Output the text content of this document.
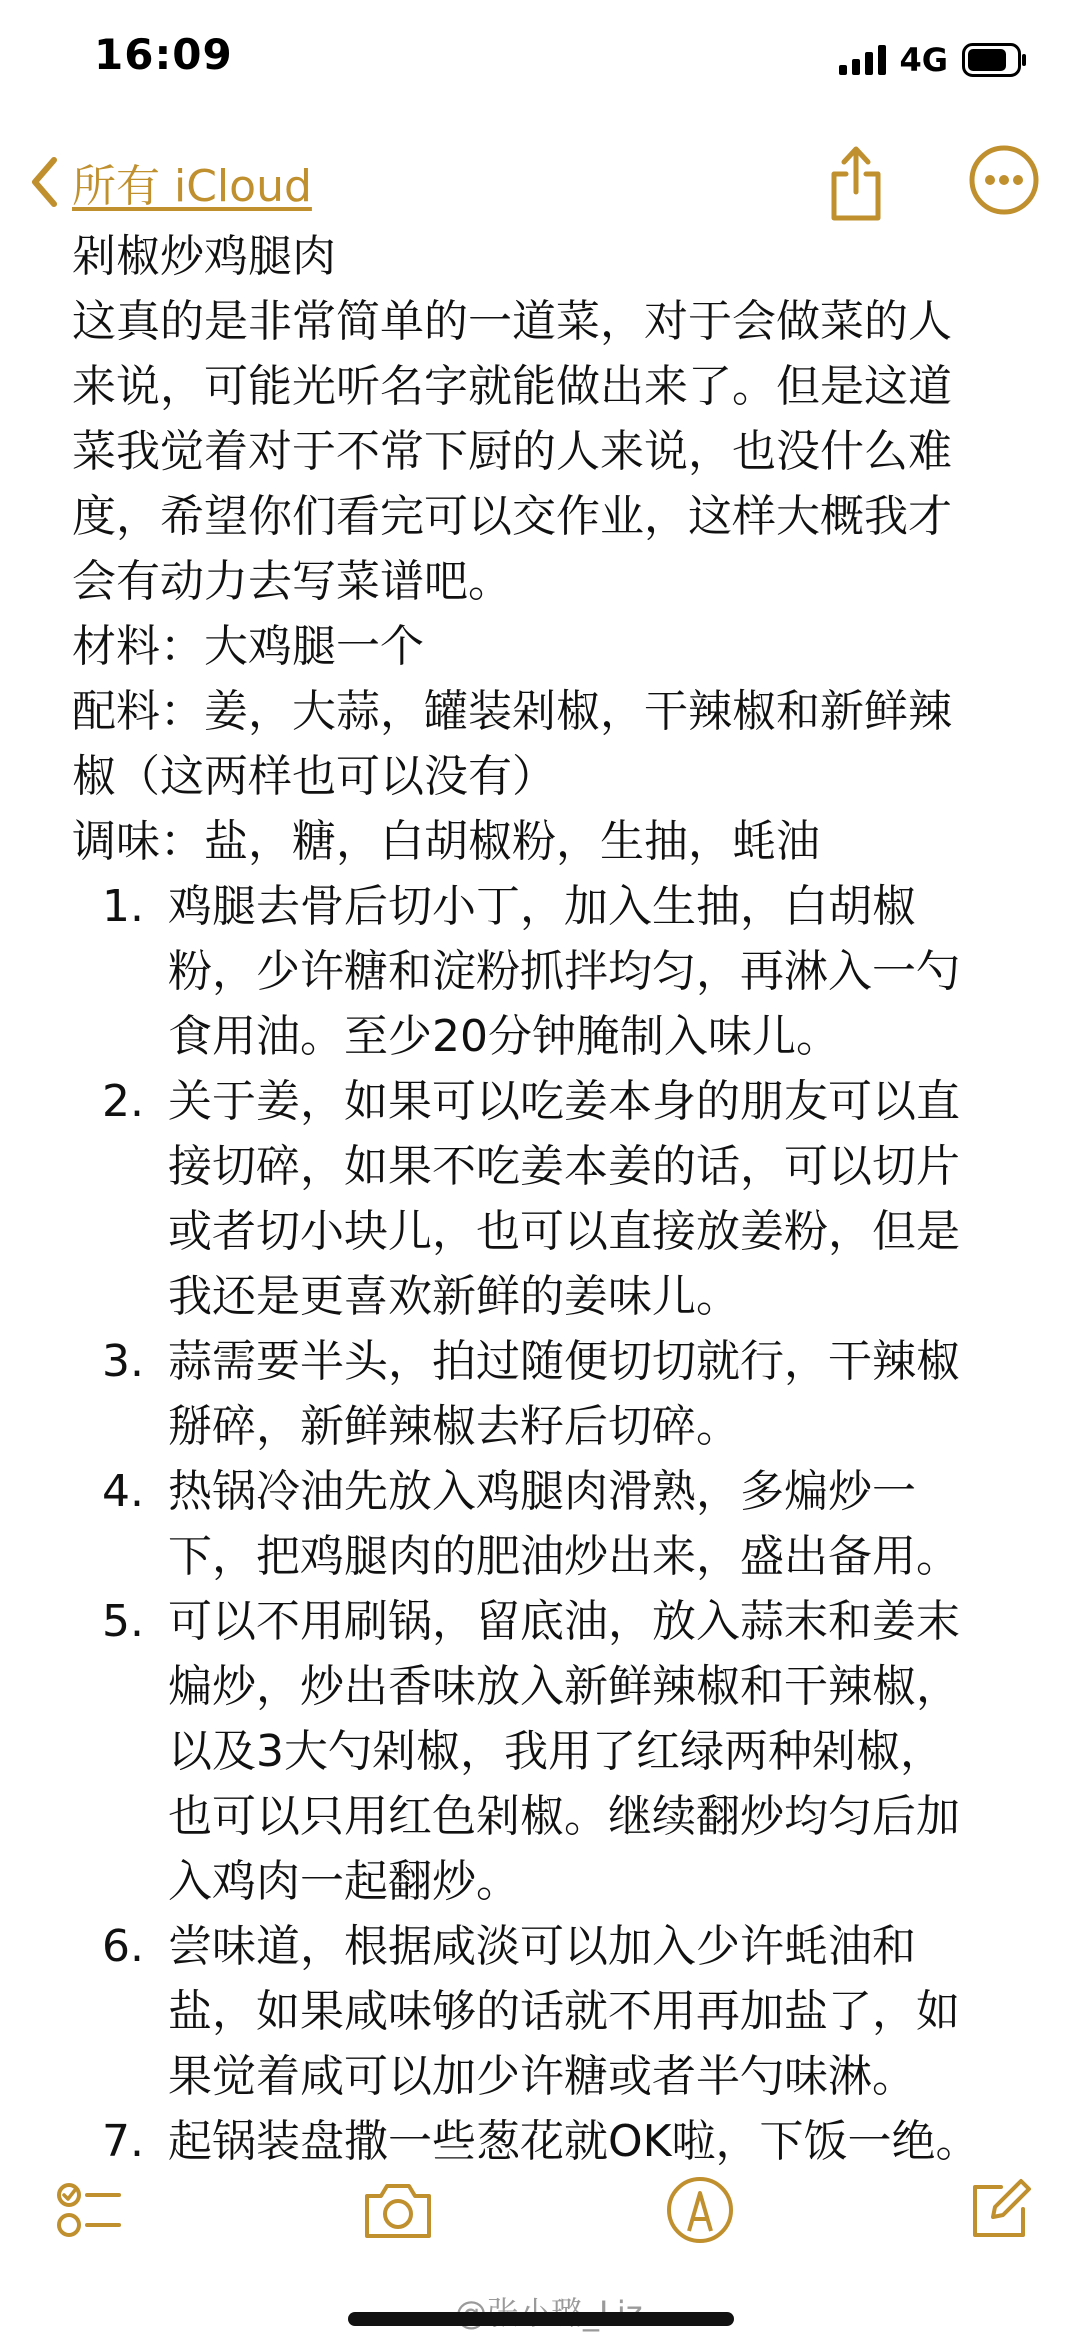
16:09	4G
所有 iCloud

剁椒炒鸡腿肉

这真的是非常简单的一道菜，对于会做菜的人

来说，可能光听名字就能做出来了。但是这道

菜我觉着对于不常下厨的人来说，也没什么难

度，希望你们看完可以交作业，这样大概我才

会有动力去写菜谱吧。

材料：大鸡腿一个

配料：姜，大蒜，罐装剁椒，干辣椒和新鲜辣

椒（这两样也可以没有）

调味：盐，糖，白胡椒粉，生抽，蚝油

1. 鸡腿去骨后切小丁，加入生抽，白胡椒
粉，少许糖和淀粉抓拌均匀，再淋入一勺
食用油。至少20分钟腌制入味儿。
2. 关于姜，如果可以吃姜本身的朋友可以直
接切碎，如果不吃姜本姜的话，可以切片
或者切小块儿，也可以直接放姜粉，但是
我还是更喜欢新鲜的姜味儿。
3. 蒜需要半头，拍过随便切切就行，干辣椒
掰碎，新鲜辣椒去籽后切碎。
4. 热锅冷油先放入鸡腿肉滑熟，多煸炒一
下，把鸡腿肉的肥油炒出来，盛出备用。
5. 可以不用刷锅，留底油，放入蒜末和姜末
煸炒，炒出香味放入新鲜辣椒和干辣椒，
以及3大勺剁椒，我用了红绿两种剁椒，
也可以只用红色剁椒。继续翻炒均匀后加
入鸡肉一起翻炒。
6. 尝味道，根据咸淡可以加入少许蚝油和
盐，如果咸味够的话就不用再加盐了，如
果觉着咸可以加少许糖或者半勺味淋。
7. 起锅装盘撒一些葱花就OK啦，下饭一绝。
